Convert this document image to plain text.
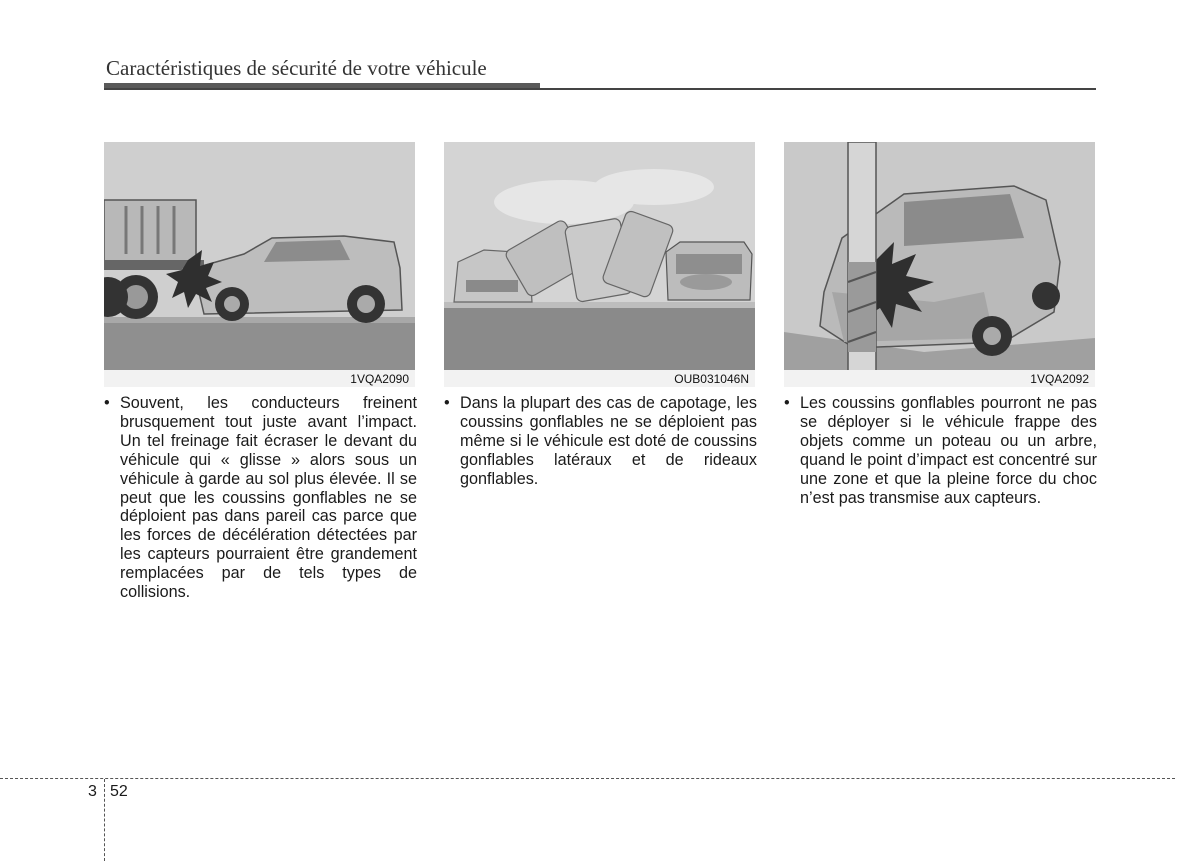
Caractéristiques de sécurité de votre véhicule
1VQA2090	OUB031046N	1VQA2092
• Souvent, les conducteurs freinent brusquement tout juste avant l’impact. Un tel freinage fait écraser le devant du véhicule qui « glisse » alors sous un véhicule à garde au sol plus élevée. Il se peut que les coussins gonflables ne se déploient pas dans pareil cas parce que les forces de décélération détectées par les capteurs pourraient être grandement remplacées par de tels types de collisions.
• Dans la plupart des cas de capotage, les coussins gonflables ne se déploient pas même si le véhicule est doté de coussins gonflables latéraux et de rideaux gonflables.
• Les coussins gonflables pourront ne pas se déployer si le véhicule frappe des objets comme un poteau ou un arbre, quand le point d’impact est concentré sur une zone et que la pleine force du choc n’est pas transmise aux capteurs.
3 52
